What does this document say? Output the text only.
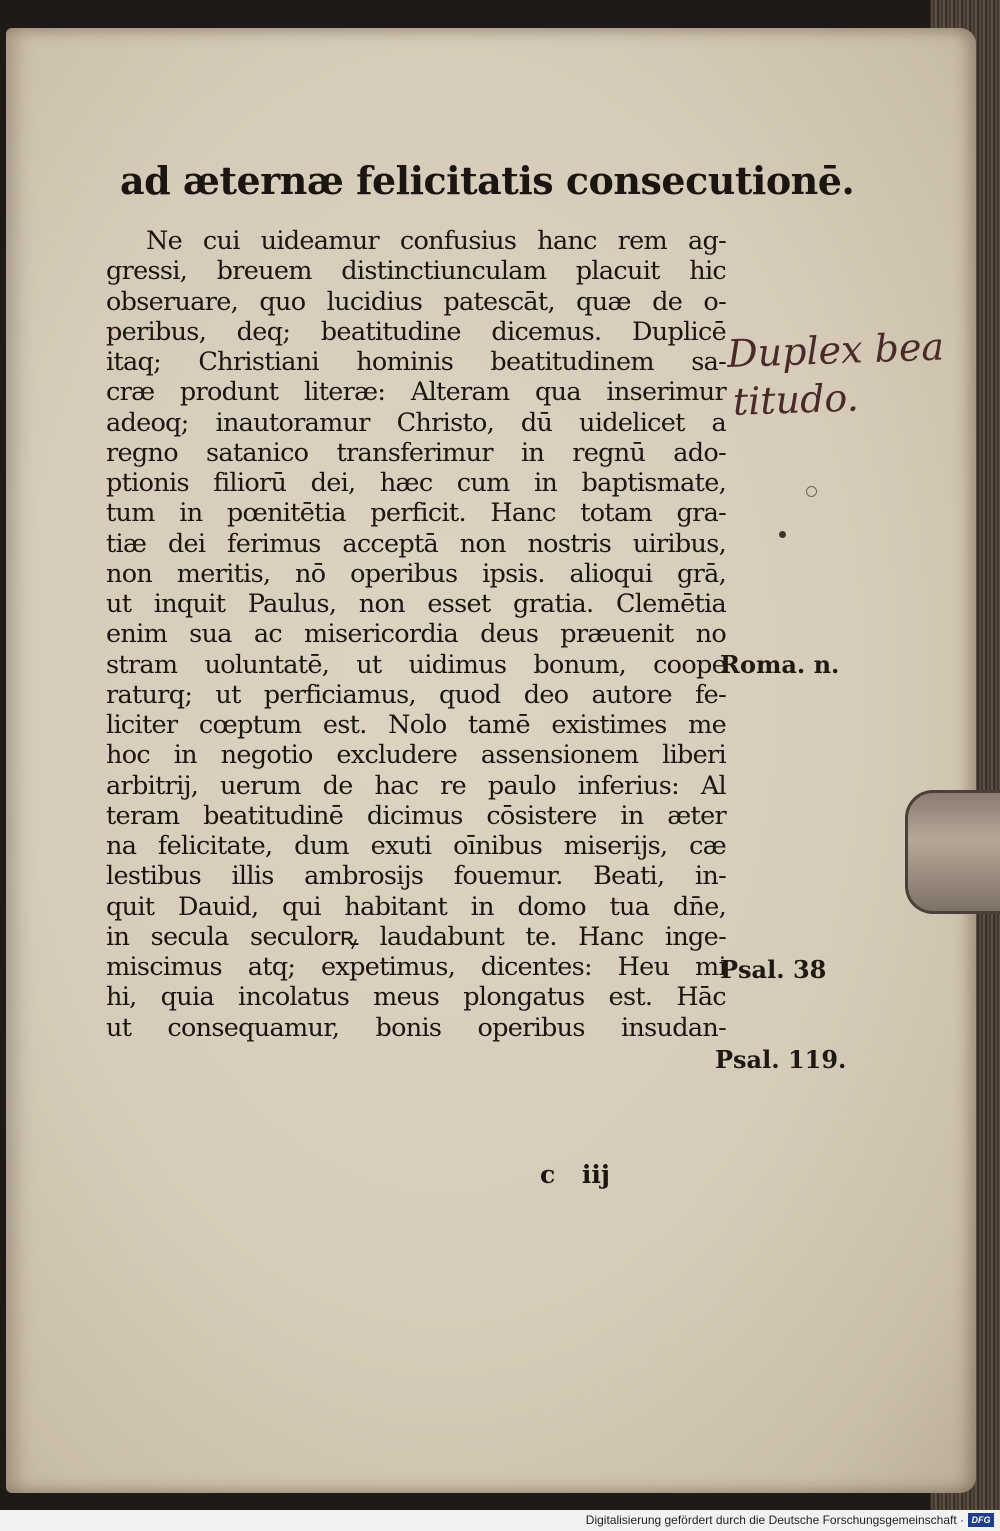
ad æternæ felicitatis consecutionē.
Ne cui uideamur confusius hanc rem ag-
gressi, breuem distinctiunculam placuit hic
obseruare, quo lucidius patescāt, quæ de o-
peribus, deq; beatitudine dicemus. Duplicē
itaq; Christiani hominis beatitudinem sa-
cræ produnt literæ: Alteram qua inserimur
adeoq; inautoramur Christo, dū uidelicet a
regno satanico transferimur in regnū ado-
ptionis filiorū dei, hæc cum in baptismate,
tum in pœnitētia perficit. Hanc totam gra-
tiæ dei ferimus acceptā non nostris uiribus,
non meritis, nō operibus ipsis. alioqui grā,
ut inquit Paulus, non esset gratia. Clemētia
enim sua ac misericordia deus præuenit no
stram uoluntatē, ut uidimus bonum, coope
raturq; ut perficiamus, quod deo autore fe-
liciter cœptum est. Nolo tamē existimes me
hoc in negotio excludere assensionem liberi
arbitrij, uerum de hac re paulo inferius: Al
teram beatitudinē dicimus cōsistere in æter
na felicitate, dum exuti oīnibus miserijs, cæ
lestibus illis ambrosijs fouemur. Beati, in-
quit Dauid, qui habitant in domo tua dn̄e,
in secula seculorꝶ laudabunt te. Hanc inge-
miscimus atq; expetimus, dicentes: Heu mi
hi, quia incolatus meus plongatus est. Hāc
ut consequamur, bonis operibus insudan-
c iij
Roma. n.
Psal. 38
Psal. 119.
Duplex bea
titudo.
Digitalisierung gefördert durch die Deutsche Forschungsgemeinschaft · DFG
